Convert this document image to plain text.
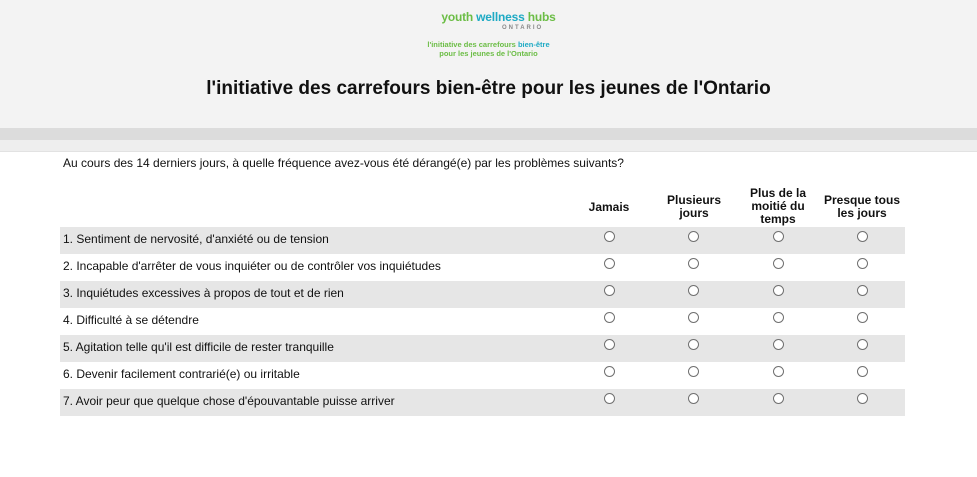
youth wellness hubs
ONTARIO
l'initiative des carrefours bien-être
pour les jeunes de l'Ontario
l'initiative des carrefours bien-être pour les jeunes de l'Ontario
Au cours des 14 derniers jours, à quelle fréquence avez-vous été dérangé(e) par les problèmes suivants?
Jamais	Plusieurs
jours
Plus de la
moitié du
temps
Presque tous
les jours
1. Sentiment de nervosité, d'anxiété ou de tension
2. Incapable d'arrêter de vous inquiéter ou de contrôler vos inquiétudes
3. Inquiétudes excessives à propos de tout et de rien
4. Difficulté à se détendre
5. Agitation telle qu'il est difficile de rester tranquille
6. Devenir facilement contrarié(e) ou irritable
7. Avoir peur que quelque chose d'épouvantable puisse arriver
